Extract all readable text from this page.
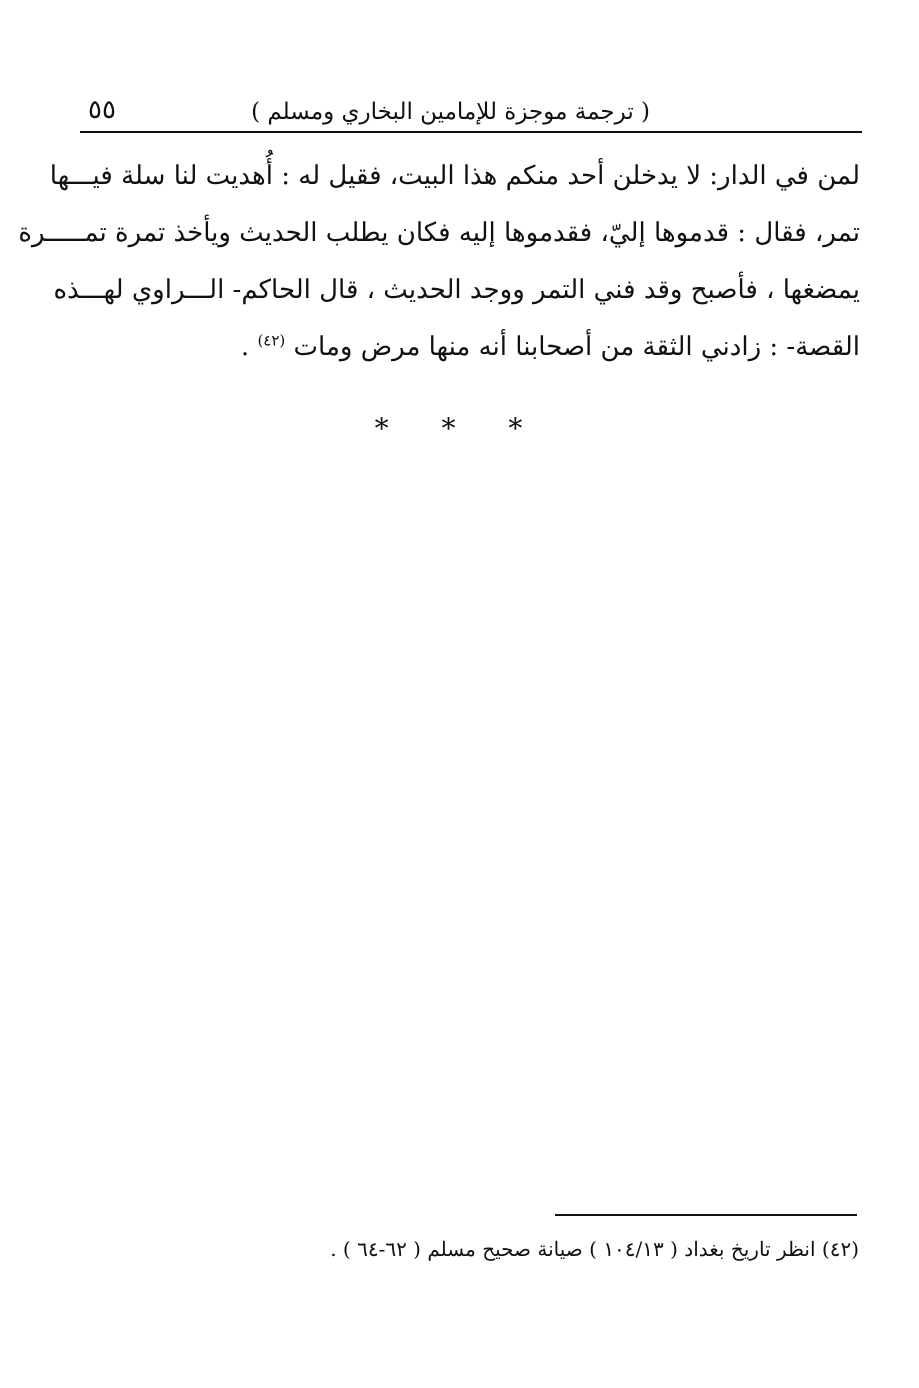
٥٥	( ترجمة موجزة للإمامين البخاري ومسلم )
لمن في الدار: لا يدخلن أحد منكم هذا البيت، فقيل له : أُهديت لنا سلة فيـــها
تمر، فقال : قدموها إليّ، فقدموها إليه فكان يطلب الحديث ويأخذ تمرة تمـــــرة
يمضغها ، فأصبح وقد فني التمر ووجد الحديث ، قال الحاكم- الـــراوي لهـــذه
القصة- : زادني الثقة من أصحابنا أنه منها مرض ومات $^{(٤٢)}$ .
* * *
(٤٢) انظر تاريخ بغداد ( ١٠٤/١٣ ) صيانة صحيح مسلم ( ٦٢-٦٤ ) .
